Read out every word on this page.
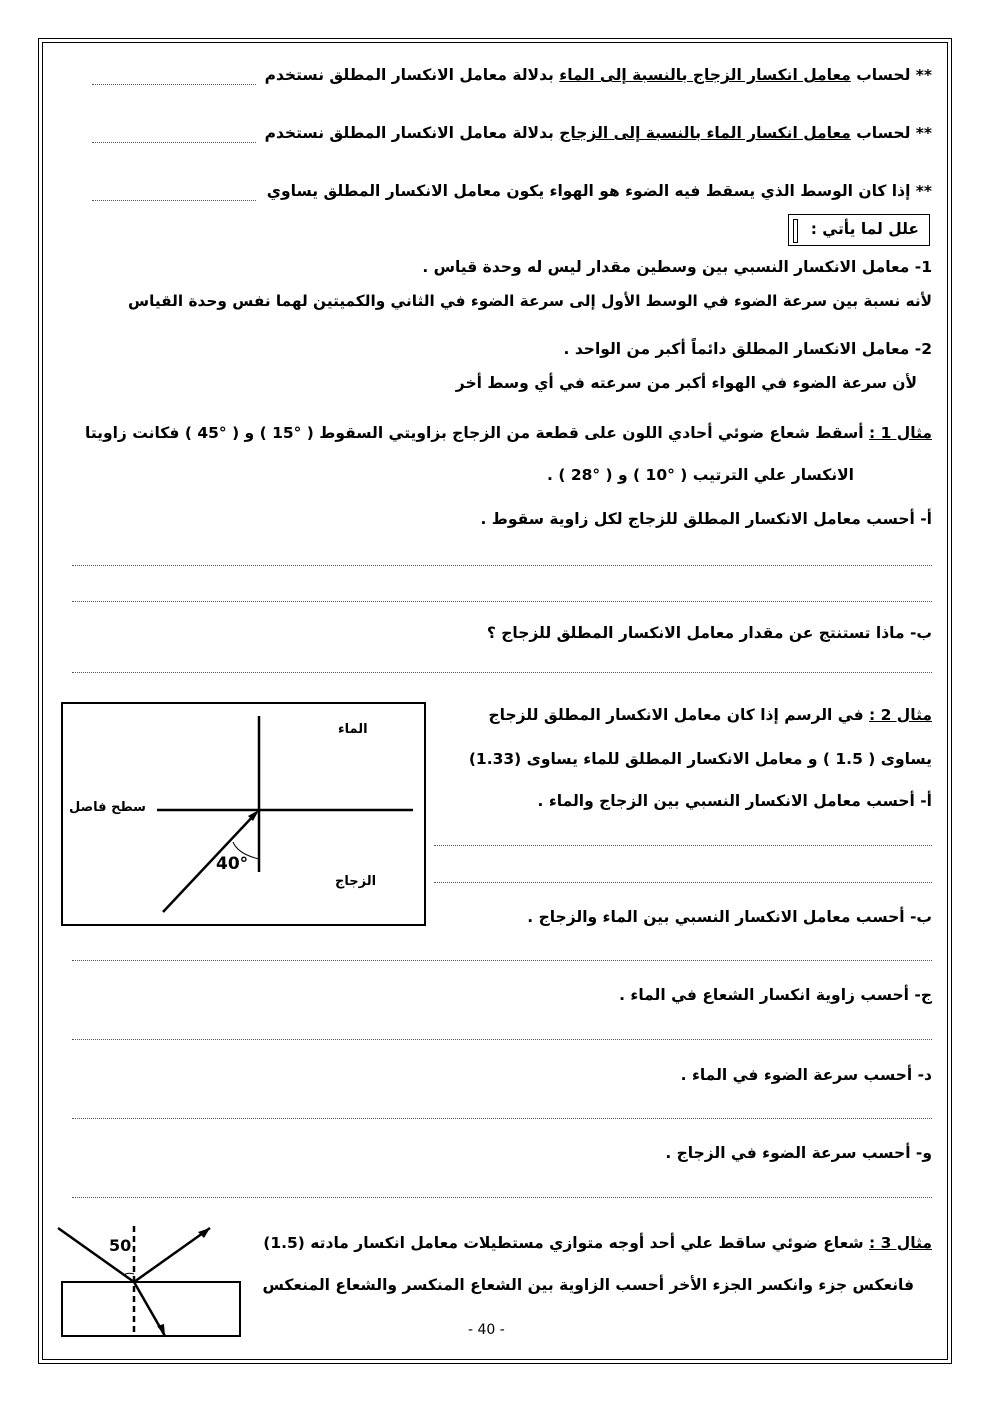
** لحساب معامل انكسار الزجاج بالنسبة إلى الماء بدلالة معامل الانكسار المطلق نستخدم
** لحساب معامل انكسار الماء بالنسبة إلى الزجاج بدلالة معامل الانكسار المطلق نستخدم
** إذا كان الوسط الذي يسقط فيه الضوء هو الهواء يكون معامل الانكسار المطلق يساوي
علل لما يأتي :
1- معامل الانكسار النسبي بين وسطين مقدار ليس له وحدة قياس .
لأنه نسبة بين سرعة الضوء في الوسط الأول إلى سرعة الضوء في الثاني والكميتين لهما نفس وحدة القياس
2- معامل الانكسار المطلق دائماً أكبر من الواحد .
لأن سرعة الضوء في الهواء أكبر من سرعته في أي وسط أخر
مثال 1 : أسقط شعاع ضوئي أحادي اللون على قطعة من الزجاج بزاويتي السقوط ( °15 ) و ( °45 ) فكانت زاويتا
الانكسار علي الترتيب ( °10 ) و ( °28 ) .
أ- أحسب معامل الانكسار المطلق للزجاج لكل زاوية سقوط .
ب- ماذا تستنتج عن مقدار معامل الانكسار المطلق للزجاج ؟
مثال 2 : في الرسم إذا كان معامل الانكسار المطلق للزجاج
يساوى ( 1.5 ) و معامل الانكسار المطلق للماء يساوى (1.33)
أ- أحسب معامل الانكسار النسبي بين الزجاج والماء .
ب- أحسب معامل الانكسار النسبي بين الماء والزجاج .
ج- أحسب زاوية انكسار الشعاع في الماء .
د- أحسب سرعة الضوء في الماء .
و- أحسب سرعة الضوء في الزجاج .
الماء
سطح فاصل
الزجاج
40°
مثال 3 : شعاع ضوئي ساقط علي أحد أوجه متوازي مستطيلات معامل انكسار مادته (1.5)
فانعكس جزء وانكسر الجزء الأخر أحسب الزاوية بين الشعاع المنكسر والشعاع المنعكس
50
- 40 -
